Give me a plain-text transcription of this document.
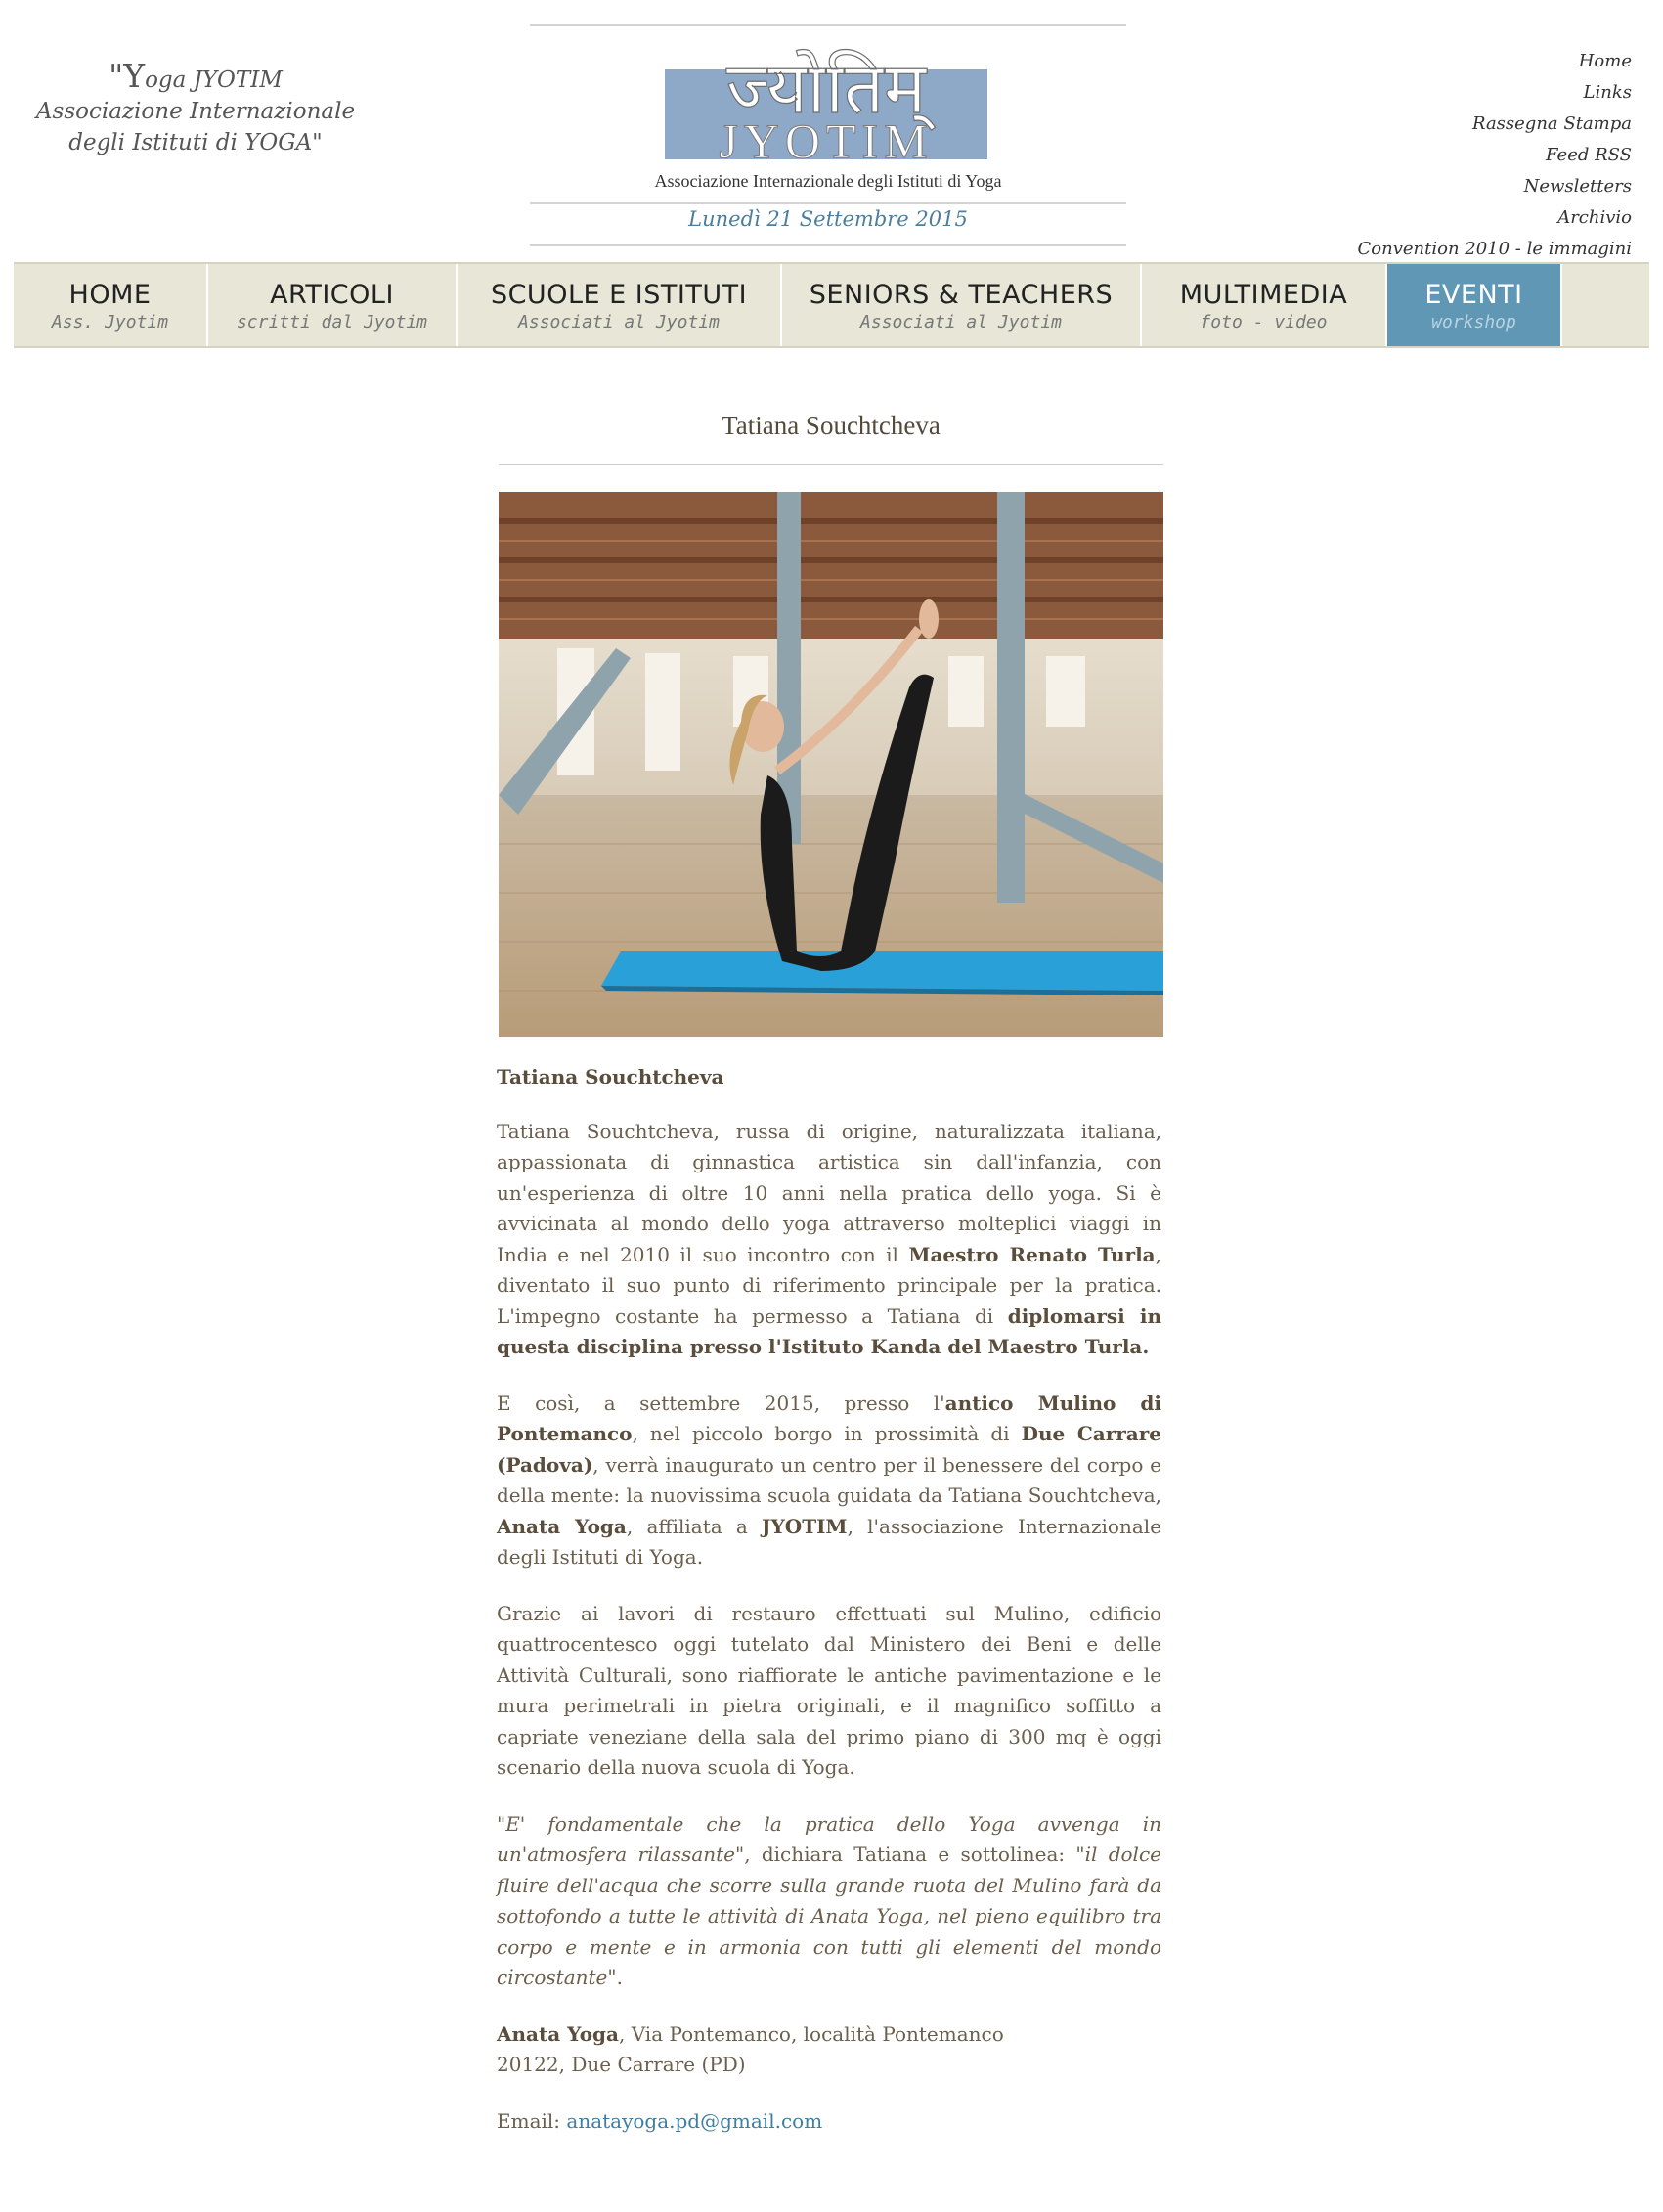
"Yoga JYOTIM
Associazione Internazionale
degli Istituti di YOGA"
ज्योतिम्
JYOTIM
Associazione Internazionale degli Istituti di Yoga
Lunedì 21 Settembre 2015
Home
Links
Rassegna Stampa
Feed RSS
Newsletters
Archivio
Convention 2010 - le immagini
HOME
Ass. Jyotim
ARTICOLI
scritti dal Jyotim
SCUOLE E ISTITUTI
Associati al Jyotim
SENIORS & TEACHERS
Associati al Jyotim
MULTIMEDIA
foto - video
EVENTI
workshop
Tatiana Souchtcheva

Tatiana Souchtcheva

Tatiana Souchtcheva, russa di origine, naturalizzata italiana, appassionata di ginnastica artistica sin dall'infanzia, con un'esperienza di oltre 10 anni nella pratica dello yoga. Si è avvicinata al mondo dello yoga attraverso molteplici viaggi in India e nel 2010 il suo incontro con il Maestro Renato Turla, diventato il suo punto di riferimento principale per la pratica. L'impegno costante ha permesso a Tatiana di diplomarsi in questa disciplina presso l'Istituto Kanda del Maestro Turla.

E così, a settembre 2015, presso l'antico Mulino di Pontemanco, nel piccolo borgo in prossimità di Due Carrare (Padova), verrà inaugurato un centro per il benessere del corpo e della mente: la nuovissima scuola guidata da Tatiana Souchtcheva, Anata Yoga, affiliata a JYOTIM, l'associazione Internazionale degli Istituti di Yoga.

Grazie ai lavori di restauro effettuati sul Mulino, edificio quattrocentesco oggi tutelato dal Ministero dei Beni e delle Attività Culturali, sono riaffiorate le antiche pavimentazione e le mura perimetrali in pietra originali, e il magnifico soffitto a capriate veneziane della sala del primo piano di 300 mq è oggi scenario della nuova scuola di Yoga.

"E' fondamentale che la pratica dello Yoga avvenga in un'atmosfera rilassante", dichiara Tatiana e sottolinea: "il dolce fluire dell'acqua che scorre sulla grande ruota del Mulino farà da sottofondo a tutte le attività di Anata Yoga, nel pieno equilibro tra corpo e mente e in armonia con tutti gli elementi del mondo circostante".

Anata Yoga, Via Pontemanco, località Pontemanco
20122, Due Carrare (PD)

Email: anatayoga.pd@gmail.com
